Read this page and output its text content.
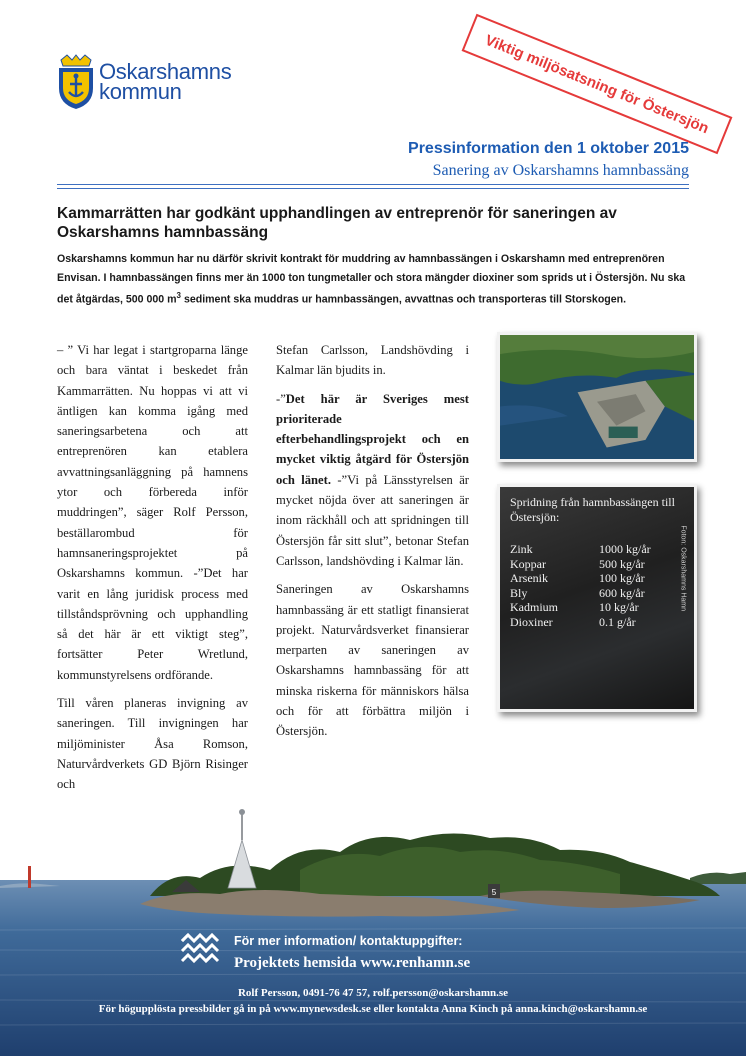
Oskarshamns
kommun	Viktig miljösatsning för Östersjön
Pressinformation den 1 oktober 2015
Sanering av Oskarshamns hamnbassäng
Kammarrätten har godkänt upphandlingen av entreprenör för saneringen av Oskarshamns hamnbassäng
Oskarshamns kommun har nu därför skrivit kontrakt för muddring av hamnbassängen i Oskarshamn med entreprenören Envisan. I hamnbassängen finns mer än 1000 ton tungmetaller och stora mängder dioxiner som sprids ut i Östersjön. Nu ska det åtgärdas, 500 000 $m^3$ sediment ska muddras ur hamnbassängen, avvattnas och transporteras till Storskogen.

– ” Vi har legat i startgroparna länge och bara väntat i beskedet från Kammarrätten. Nu hoppas vi att vi äntligen kan komma igång med saneringsarbetena och att entreprenören kan etablera avvattningsanläggning på hamnens ytor och förbereda inför muddringen”, säger Rolf Persson, beställarombud för hamnsaneringsprojektet på Oskarshamns kommun. -”Det har varit en lång juridisk process med tillståndsprövning och upphandling så det här är ett viktigt steg”, fortsätter Peter Wretlund, kommunstyrelsens ordförande.

Till våren planeras invigning av saneringen. Till invigningen har miljöminister Åsa Romson, Naturvårdverkets GD Björn Risinger och

Stefan Carlsson, Landshövding i Kalmar län bjudits in.

-”Det här är Sveriges mest prioriterade efterbehandlingsprojekt och en mycket viktig åtgärd för Östersjön och länet. -”Vi på Länsstyrelsen är mycket nöjda över att saneringen är inom räckhåll och att spridningen till Östersjön får sitt slut”, betonar Stefan Carlsson, landshövding i Kalmar län.

Saneringen av Oskarshamns hamnbassäng är ett statligt finansierat projekt. Naturvårdsverket finansierar merparten av saneringen av Oskarshamns hamnbassäng för att minska riskerna för människors hälsa och för att förbättra miljön i Östersjön.

Spridning från hamnbassängen till Östersjön:
Zink	1000 kg/år
Koppar	500 kg/år
Arsenik	100 kg/år
Bly	600 kg/år
Kadmium	10 kg/år
Dioxiner	0.1 g/år
Foton: Oskarshamns Hamn
5
För mer information/ kontaktuppgifter:
Projektets hemsida www.renhamn.se
Rolf Persson, 0491-76 47 57, rolf.persson@oskarshamn.se
För högupplösta pressbilder gå in på www.mynewsdesk.se eller kontakta Anna Kinch på anna.kinch@oskarshamn.se
